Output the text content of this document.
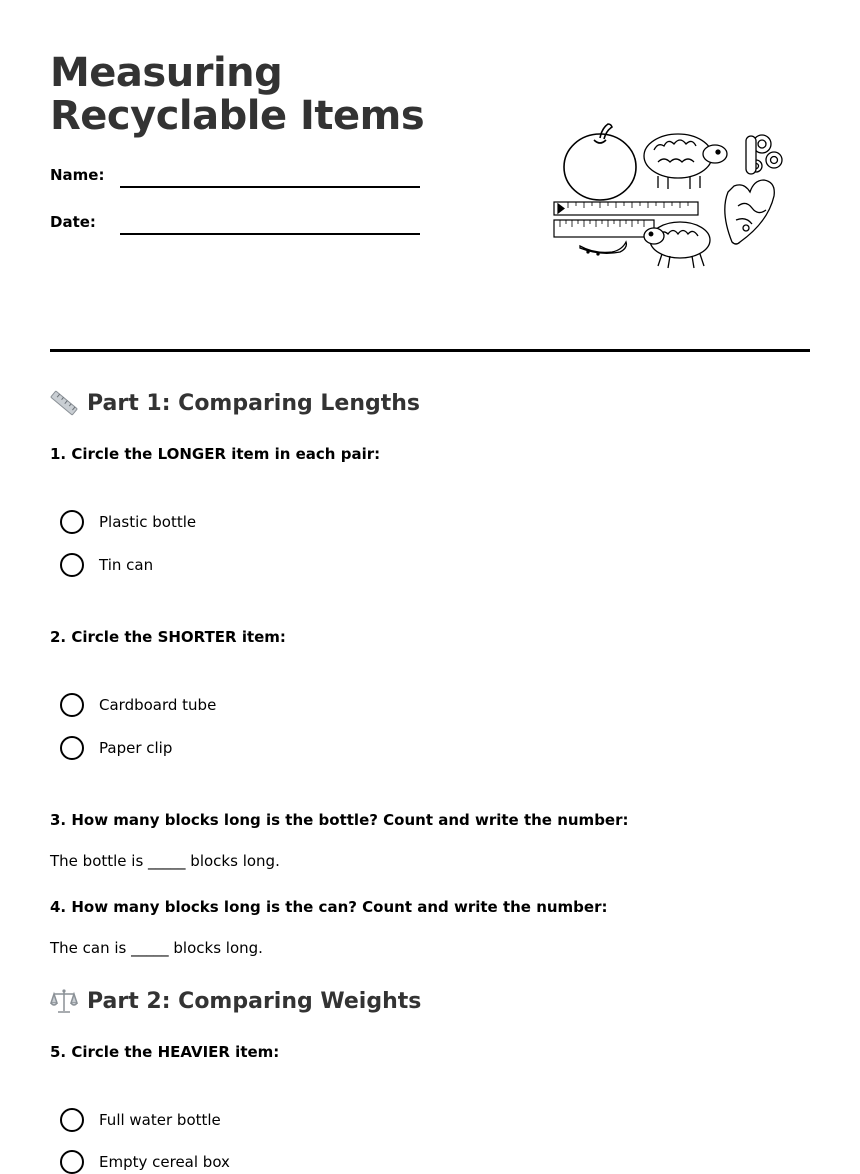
Measuring Recyclable Items
Name:
Date:
Part 1: Comparing Lengths

1. Circle the LONGER item in each pair:

Plastic bottle
Tin can

2. Circle the SHORTER item:

Cardboard tube
Paper clip

3. How many blocks long is the bottle? Count and write the number:

The bottle is _____ blocks long.

4. How many blocks long is the can? Count and write the number:

The can is _____ blocks long.
Part 2: Comparing Weights

5. Circle the HEAVIER item:

Full water bottle
Empty cereal box
